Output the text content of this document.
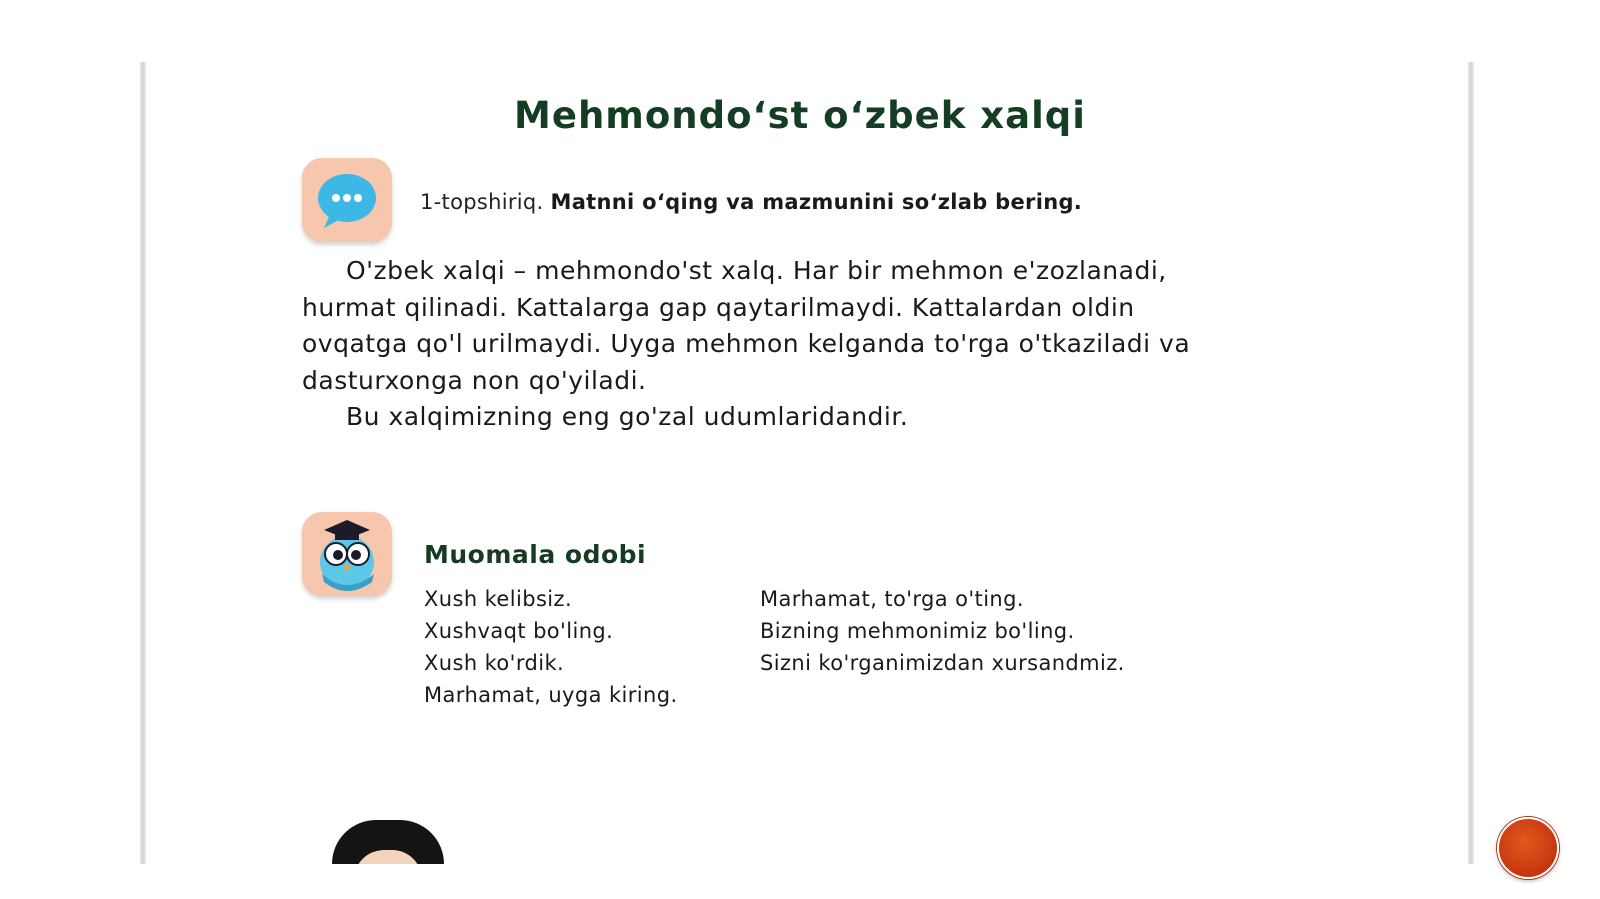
Mehmondo‘st o‘zbek xalqi
1-topshiriq. Matnni o‘qing va mazmunini so‘zlab bering.
O'zbek xalqi – mehmondo'st xalq. Har bir mehmon e'zozlanadi,
hurmat qilinadi. Kattalarga gap qaytarilmaydi. Kattalardan oldin
ovqatga qo'l urilmaydi. Uyga mehmon kelganda to'rga o'tkaziladi va
dasturxonga non qo'yiladi.
Bu xalqimizning eng go'zal udumlaridandir.
Muomala odobi
Xush kelibsiz.
Xushvaqt bo'ling.
Xush ko'rdik.
Marhamat, uyga kiring.
Marhamat, to'rga o'ting.
Bizning mehmonimiz bo'ling.
Sizni ko'rganimizdan xursandmiz.
